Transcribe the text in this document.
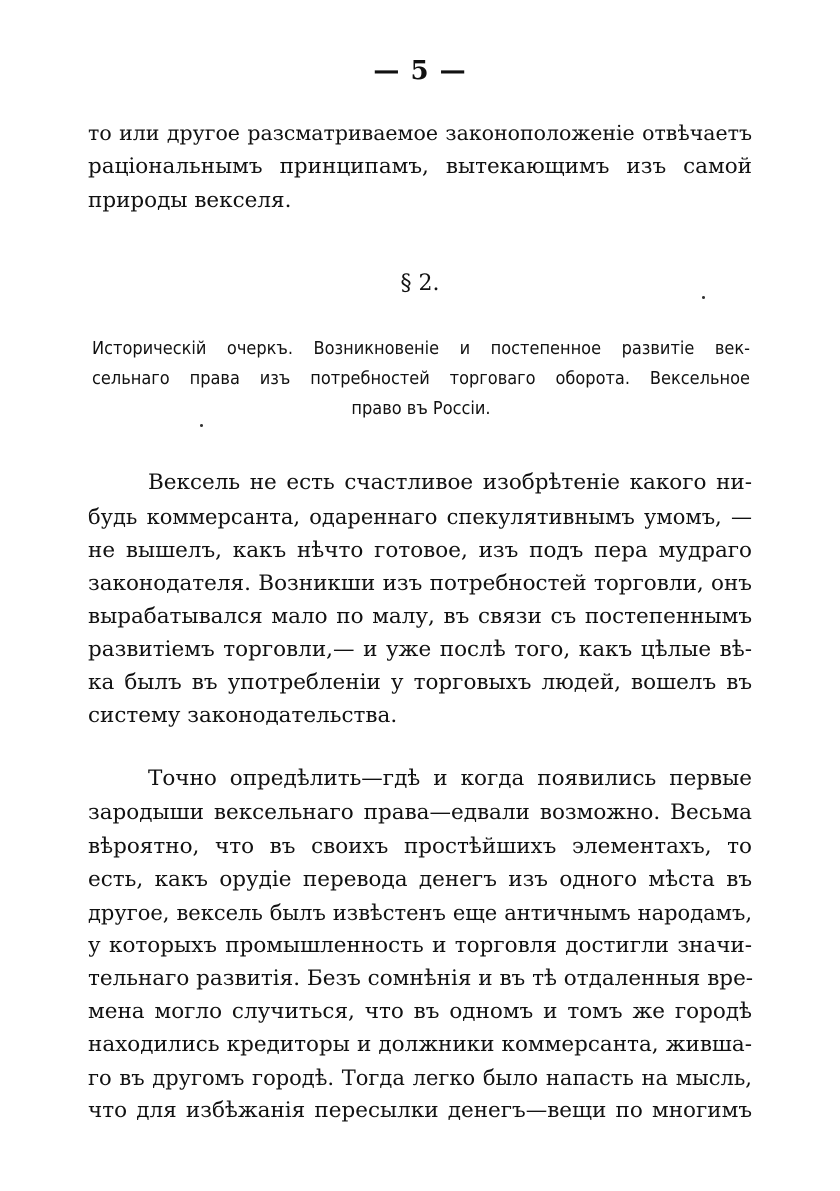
— 5 —
то или другое разсматриваемое законоположеніе отвѣчаетъ
раціональнымъ принципамъ, вытекающимъ изъ самой
природы векселя.
§ 2.
Историческій очеркъ. Возникновеніе и постепенное развитіе век-
сельнаго права изъ потребностей торговаго оборота. Вексельное
право въ Россіи.
Вексель не есть счастливое изобрѣтеніе какого ни-
будь коммерсанта, одареннаго спекулятивнымъ умомъ, —
не вышелъ, какъ нѣчто готовое, изъ подъ пера мудраго
законодателя. Возникши изъ потребностей торговли, онъ
вырабатывался мало по малу, въ связи съ постепеннымъ
развитіемъ торговли,— и уже послѣ того, какъ цѣлые вѣ-
ка былъ въ употребленіи у торговыхъ людей, вошелъ въ
систему законодательства.
Точно опредѣлить—гдѣ и когда появились первые
зародыши вексельнаго права—едвали возможно. Весьма
вѣроятно, что въ своихъ простѣйшихъ элементахъ, то
есть, какъ орудіе перевода денегъ изъ одного мѣста въ
другое, вексель былъ извѣстенъ еще античнымъ народамъ,
у которыхъ промышленность и торговля достигли значи-
тельнаго развитія. Безъ сомнѣнія и въ тѣ отдаленныя вре-
мена могло случиться, что въ одномъ и томъ же городѣ
находились кредиторы и должники коммерсанта, живша-
го въ другомъ городѣ. Тогда легко было напасть на мысль,
что для избѣжанія пересылки денегъ—вещи по многимъ
